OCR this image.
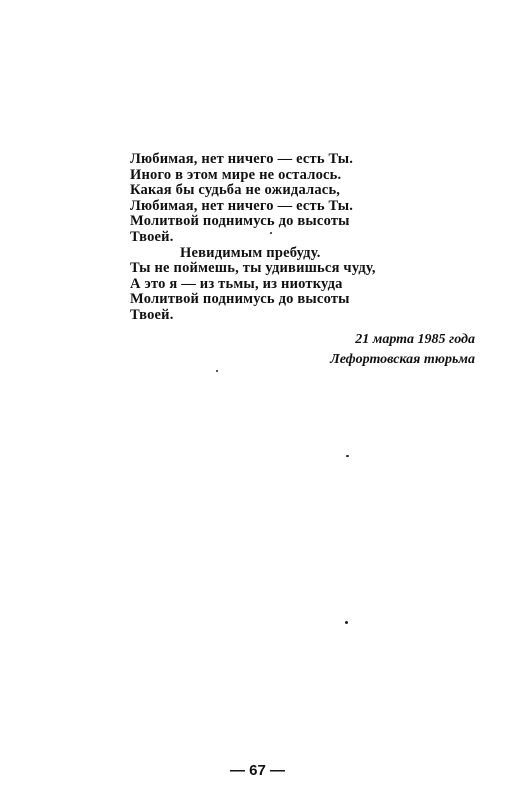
Любимая, нет ничего — есть Ты.
Иного в этом мире не осталось.
Какая бы судьба не ожидалась,
Любимая, нет ничего — есть Ты.
Молитвой поднимусь до высоты
Твоей.
Невидимым пребуду.
Ты не поймешь, ты удивишься чуду,
А это я — из тьмы, из ниоткуда
Молитвой поднимусь до высоты
Твоей.
21 марта 1985 года
Лефортовская тюрьма
— 67 —
